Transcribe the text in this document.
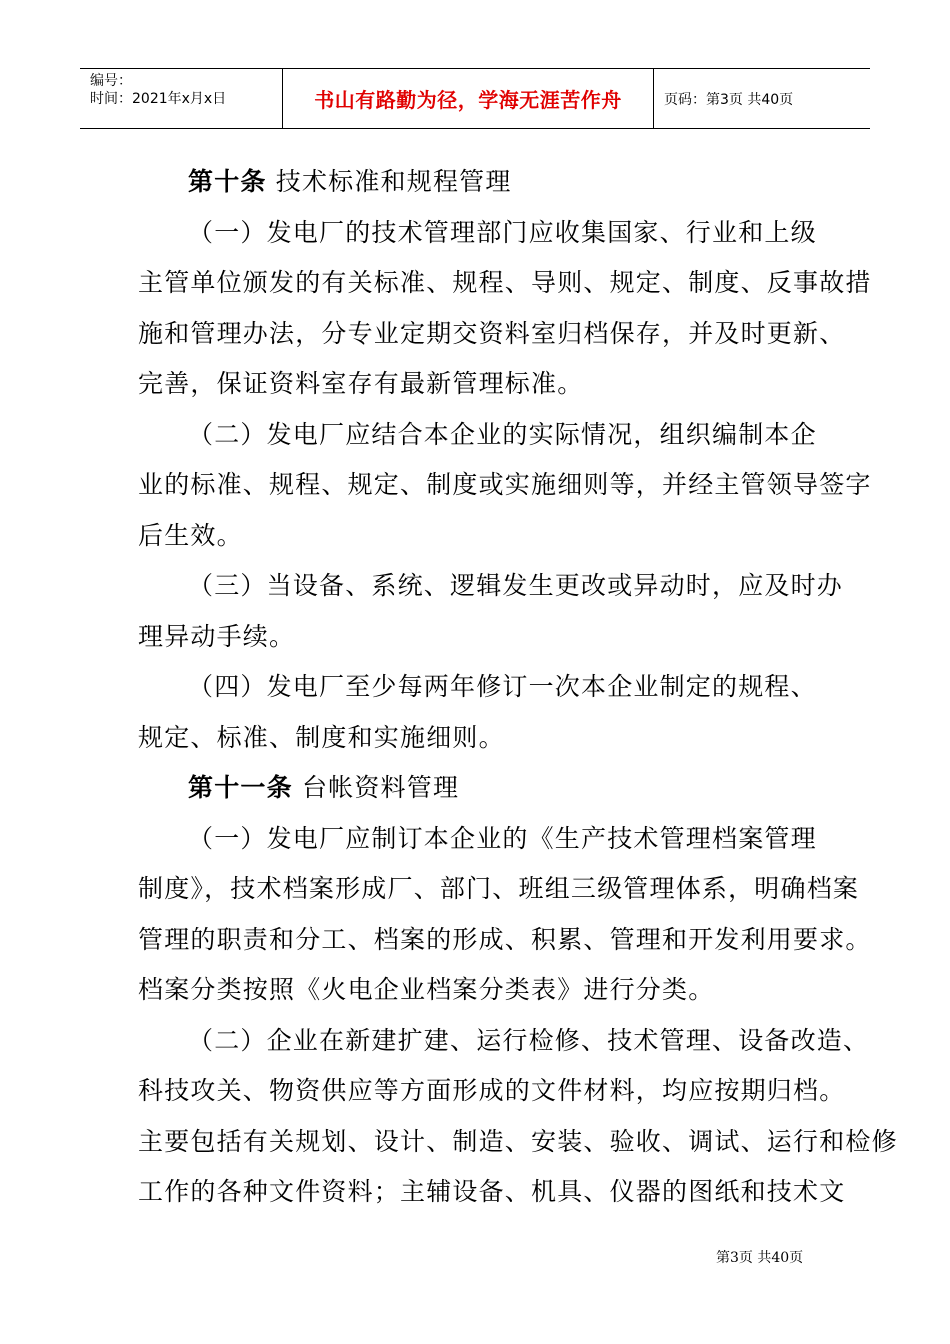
编号：
时间：2021年x月x日	书山有路勤为径，学海无涯苦作舟	页码：第3页 共40页
第十条 技术标准和规程管理
（一）发电厂的技术管理部门应收集国家、行业和上级
主管单位颁发的有关标准、规程、导则、规定、制度、反事故措
施和管理办法，分专业定期交资料室归档保存，并及时更新、
完善，保证资料室存有最新管理标准。
（二）发电厂应结合本企业的实际情况，组织编制本企
业的标准、规程、规定、制度或实施细则等，并经主管领导签字
后生效。
（三）当设备、系统、逻辑发生更改或异动时，应及时办
理异动手续。
（四）发电厂至少每两年修订一次本企业制定的规程、
规定、标准、制度和实施细则。
第十一条 台帐资料管理
（一）发电厂应制订本企业的《生产技术管理档案管理
制度》，技术档案形成厂、部门、班组三级管理体系，明确档案
管理的职责和分工、档案的形成、积累、管理和开发利用要求。
档案分类按照《火电企业档案分类表》进行分类。
（二）企业在新建扩建、运行检修、技术管理、设备改造、
科技攻关、物资供应等方面形成的文件材料，均应按期归档。
主要包括有关规划、设计、制造、安装、验收、调试、运行和检修
工作的各种文件资料；主辅设备、机具、仪器的图纸和技术文
第3页 共40页
